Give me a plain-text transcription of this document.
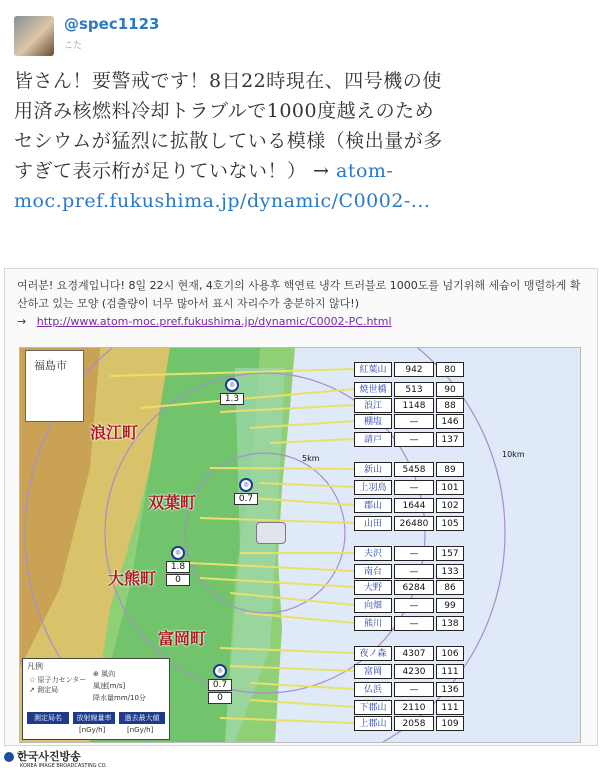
@spec1123
こた
皆さん！要警戒です！8日22時現在、四号機の使用済み核燃料冷却トラブルで1000度越えのためセシウムが猛烈に拡散している模様（検出量が多すぎて表示桁が足りていない！） → atom-moc.pref.fukushima.jp/dynamic/C0002-...
여러분! 요경계입니다! 8일 22시 현재, 4호기의 사용후 핵연료 냉각 트러블로 1000도를 넘기위해 세슘이 맹렬하게 확산하고 있는 모양 (검출량이 너무 많아서 표시 자리수가 충분하지 않다!)
→ http://www.atom-moc.pref.fukushima.jp/dynamic/C0002-PC.html
福島市
浪江町
双葉町
大熊町
富岡町
5km	10km
◎
1.3
◎
0.7
◎
1.8
0
◎
0.7
0
紅葉山	942	80
焼世橋	513	90
浪江	1148	88
棚塩	—	146
請戸	—	137
新山	5458	89
上羽鳥	—	101
郡山	1644	102
山田	26480	105
夫沢	—	157
南台	—	133
大野	6284	86
向畑	—	99
熊川	—	138
夜ノ森	4307	106
富岡	4230	111
仏浜	—	136
下郡山	2110	111
上郡山	2058	109
凡例
☆ 原子力センター
↗ 測定局
⊕ 風向
風速[m/s]
降水量mm/10分
測定局名	放射線量率	過去最大値
[nGy/h]	[nGy/h]
한국사진방송
KOREA IMAGE BROADCASTING CO.
